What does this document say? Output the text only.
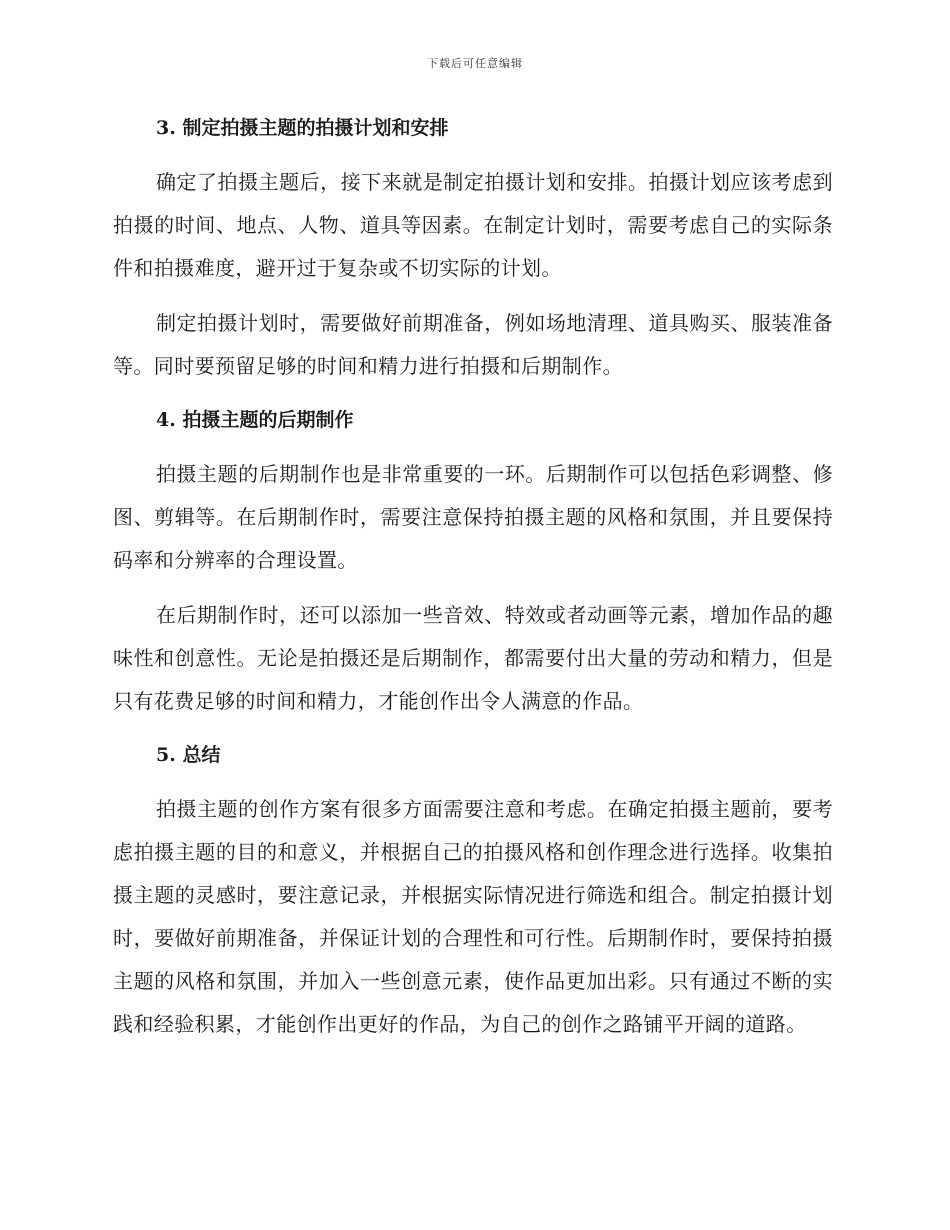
下载后可任意编辑
3. 制定拍摄主题的拍摄计划和安排

确定了拍摄主题后，接下来就是制定拍摄计划和安排。拍摄计划应该考虑到拍摄的时间、地点、人物、道具等因素。在制定计划时，需要考虑自己的实际条件和拍摄难度，避开过于复杂或不切实际的计划。

制定拍摄计划时，需要做好前期准备，例如场地清理、道具购买、服装准备等。同时要预留足够的时间和精力进行拍摄和后期制作。

4. 拍摄主题的后期制作

拍摄主题的后期制作也是非常重要的一环。后期制作可以包括色彩调整、修图、剪辑等。在后期制作时，需要注意保持拍摄主题的风格和氛围，并且要保持码率和分辨率的合理设置。

在后期制作时，还可以添加一些音效、特效或者动画等元素，增加作品的趣味性和创意性。无论是拍摄还是后期制作，都需要付出大量的劳动和精力，但是只有花费足够的时间和精力，才能创作出令人满意的作品。

5. 总结

拍摄主题的创作方案有很多方面需要注意和考虑。在确定拍摄主题前，要考虑拍摄主题的目的和意义，并根据自己的拍摄风格和创作理念进行选择。收集拍摄主题的灵感时，要注意记录，并根据实际情况进行筛选和组合。制定拍摄计划时，要做好前期准备，并保证计划的合理性和可行性。后期制作时，要保持拍摄主题的风格和氛围，并加入一些创意元素，使作品更加出彩。只有通过不断的实践和经验积累，才能创作出更好的作品，为自己的创作之路铺平开阔的道路。
